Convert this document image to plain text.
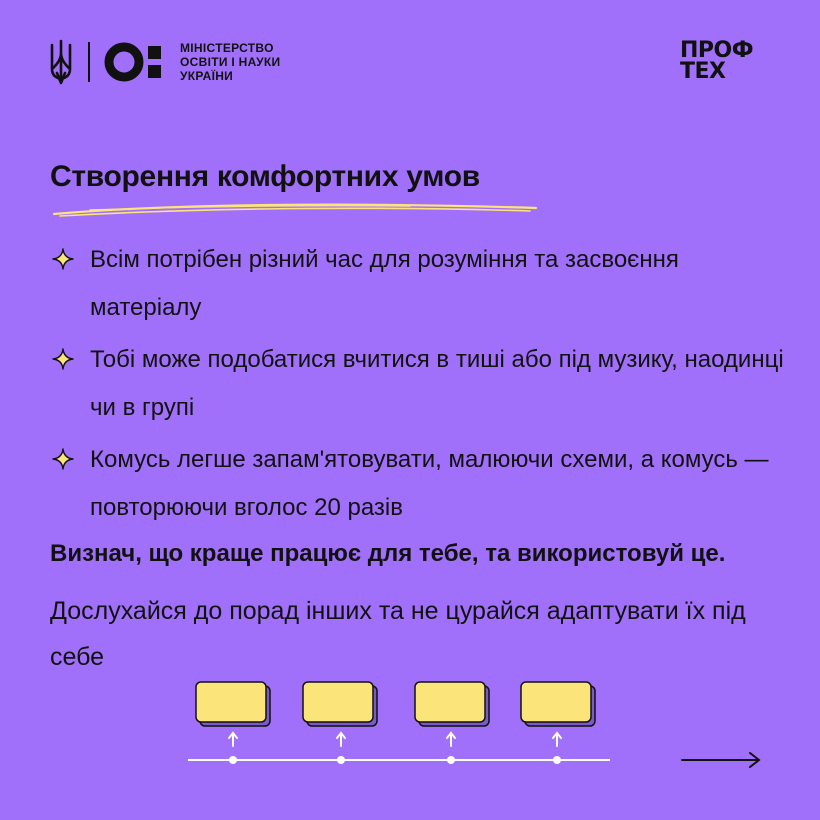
МІНІСТЕРСТВО
ОСВІТИ І НАУКИ
УКРАЇНИ
ПРОФ
ТЕХ
Створення комфортних умов
Всім потрібен різний час для розуміння та засвоєння матеріалу
Тобі може подобатися вчитися в тиші або під музику, наодинці чи в групі
Комусь легше запам'ятовувати, малюючи схеми, а комусь — повторюючи вголос 20 разів
Визнач, що краще працює для тебе, та використовуй це.
Дослухайся до порад інших та не цурайся адаптувати їх під себе
